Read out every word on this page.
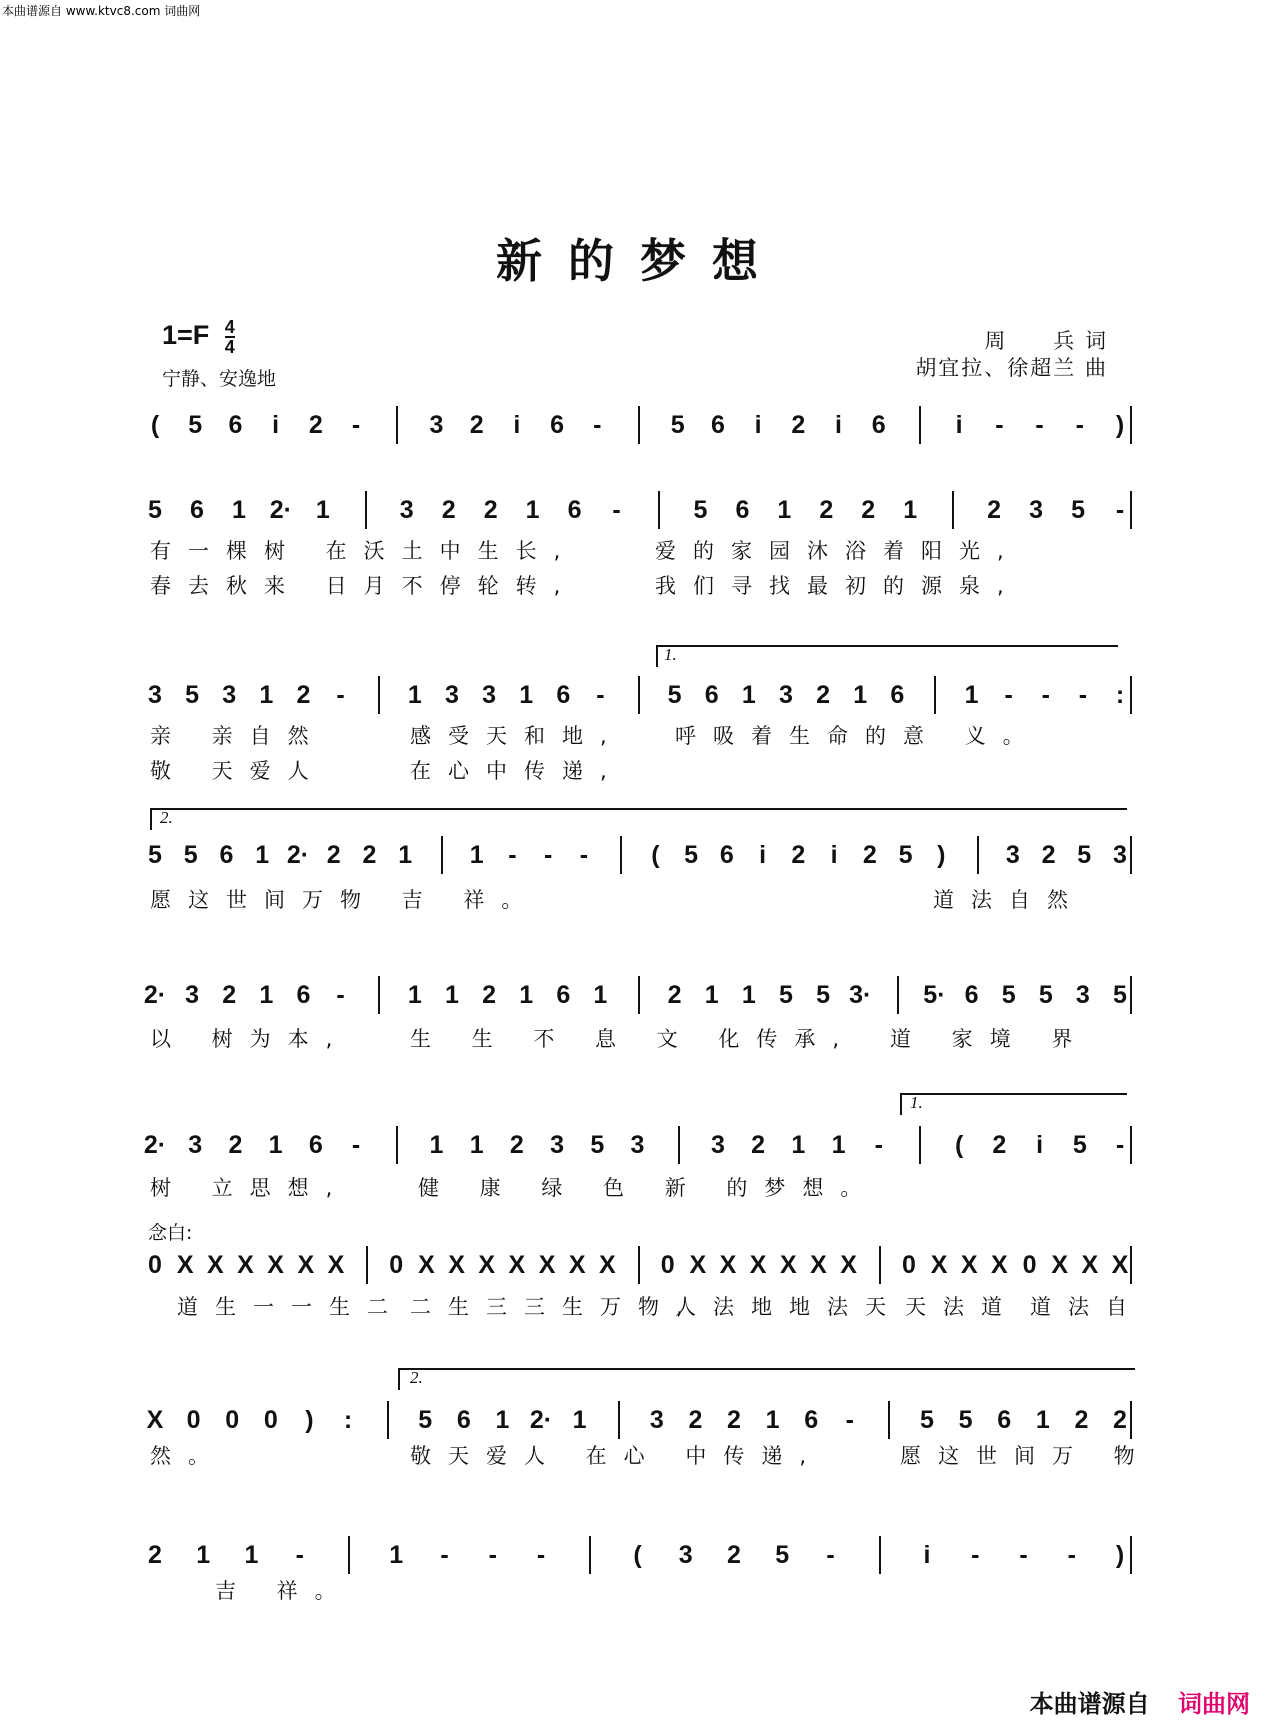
本曲谱源自 www.ktvc8.com 词曲网
新的梦想
$1=F \frac{4}{4}$
宁静、安逸地
周　　兵 词
胡宜拉、徐超兰 曲
( 5 6 i 2 -	3 2 i 6 -	5 6 i 2 i 6	i - - - )
5 6 1 2· 1	3 2 2 1 6 -	5 6 1 2 2 1	2 3 5 -
3 5 3 1 2 -	1 3 3 1 6 -	5 6 1 3 2 1 6 1 - - - :
5 5 6 1 2· 2 2 1 1 - - -	( 5 6 i 2 i 2 5 ) 3 2 5 3
2· 3 2 1 6 -	1 1 2 1 6 1 2 1 1 5 5 3· 5· 6 5 5 3 5
2· 3 2 1 6 -	1 1 2 3 5 3	3 2 1 1 -	( 2 i 5 -
0 X X X X X X 0 X X X X X X X 0 X X X X X X 0 X X X 0 X X X
X 0 0 0 ) :	5 6 1 2· 1	3 2 2 1 6 -	5 5 6 1 2 2
2 1 1 -	1 - - -	( 3 2 5 -	i - - - )
有一棵树 在沃土中生长,	爱的家园沐浴着阳光,
春去秋来 日月不停轮转,	我们寻找最初的源泉,
亲 亲自然	感受天和地, 呼吸着生命的意 义。
敬 天爱人	在心中传递,
愿这世间万物 吉 祥。	道法自然
以 树为本,	生 生 不 息 文 化传承, 道 家境 界
树 立思想,	健 康 绿 色 新 的梦想。
念白:
道生一一生二 二生三三生万物,
人法地地法天 天法道 道法自
然。	敬天爱人 在心 中传递,	愿这世间万 物
吉 祥。
1.
2.
1.
2.
本曲谱源自 词曲网
